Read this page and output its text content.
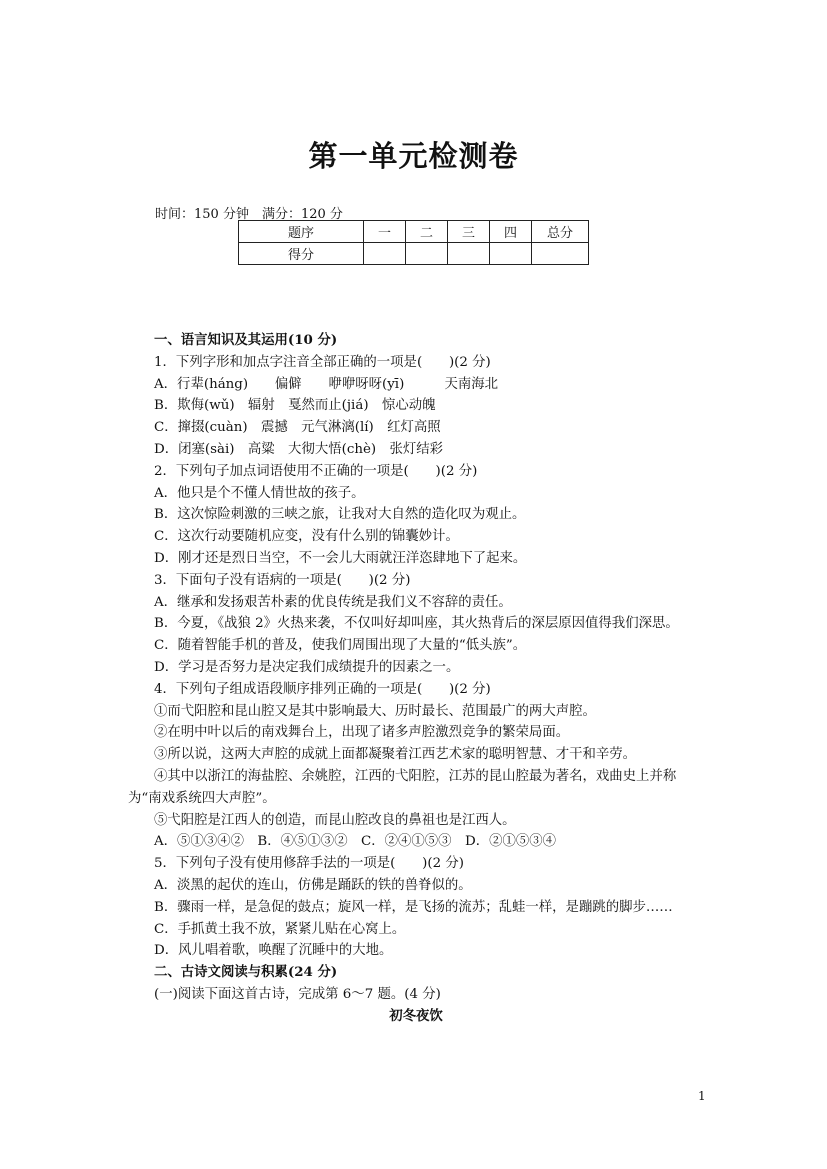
第一单元检测卷
时间：150 分钟　满分：120 分
题序	一	二	三	四	总分
得分					

一、语言知识及其运用(10 分)

1．下列字形和加点字注音全部正确的一项是(　　)(2 分)

A．行辈(háng)　　偏僻　　咿咿呀呀(yī)　　　天南海北

B．欺侮(wǔ)　辐射　戛然而止(jiá)　惊心动魄

C．撺掇(cuàn)　震撼　元气淋漓(lí)　红灯高照

D．闭塞(sài)　高粱　大彻大悟(chè)　张灯结彩

2．下列句子加点词语使用不正确的一项是(　　)(2 分)

A．他只是个不懂人情世故的孩子。

B．这次惊险刺激的三峡之旅，让我对大自然的造化叹为观止。

C．这次行动要随机应变，没有什么别的锦囊妙计。

D．刚才还是烈日当空，不一会儿大雨就汪洋恣肆地下了起来。

3．下面句子没有语病的一项是(　　)(2 分)

A．继承和发扬艰苦朴素的优良传统是我们义不容辞的责任。

B．今夏，《战狼 2》火热来袭，不仅叫好却叫座，其火热背后的深层原因值得我们深思。

C．随着智能手机的普及，使我们周围出现了大量的“低头族”。

D．学习是否努力是决定我们成绩提升的因素之一。

4．下列句子组成语段顺序排列正确的一项是(　　)(2 分)

①而弋阳腔和昆山腔又是其中影响最大、历时最长、范围最广的两大声腔。

②在明中叶以后的南戏舞台上，出现了诸多声腔激烈竞争的繁荣局面。

③所以说，这两大声腔的成就上面都凝聚着江西艺术家的聪明智慧、才干和辛劳。

④其中以浙江的海盐腔、余姚腔，江西的弋阳腔，江苏的昆山腔最为著名，戏曲史上并称为“南戏系统四大声腔”。

⑤弋阳腔是江西人的创造，而昆山腔改良的鼻祖也是江西人。

A．⑤①③④②　B．④⑤①③②　C．②④①⑤③　D．②①⑤③④

5．下列句子没有使用修辞手法的一项是(　　)(2 分)

A．淡黑的起伏的连山，仿佛是踊跃的铁的兽脊似的。

B．骤雨一样，是急促的鼓点；旋风一样，是飞扬的流苏；乱蛙一样，是蹦跳的脚步……

C．手抓黄土我不放，紧紧儿贴在心窝上。

D．风儿唱着歌，唤醒了沉睡中的大地。

二、古诗文阅读与积累(24 分)

(一)阅读下面这首古诗，完成第 6～7 题。(4 分)

初冬夜饮

1
